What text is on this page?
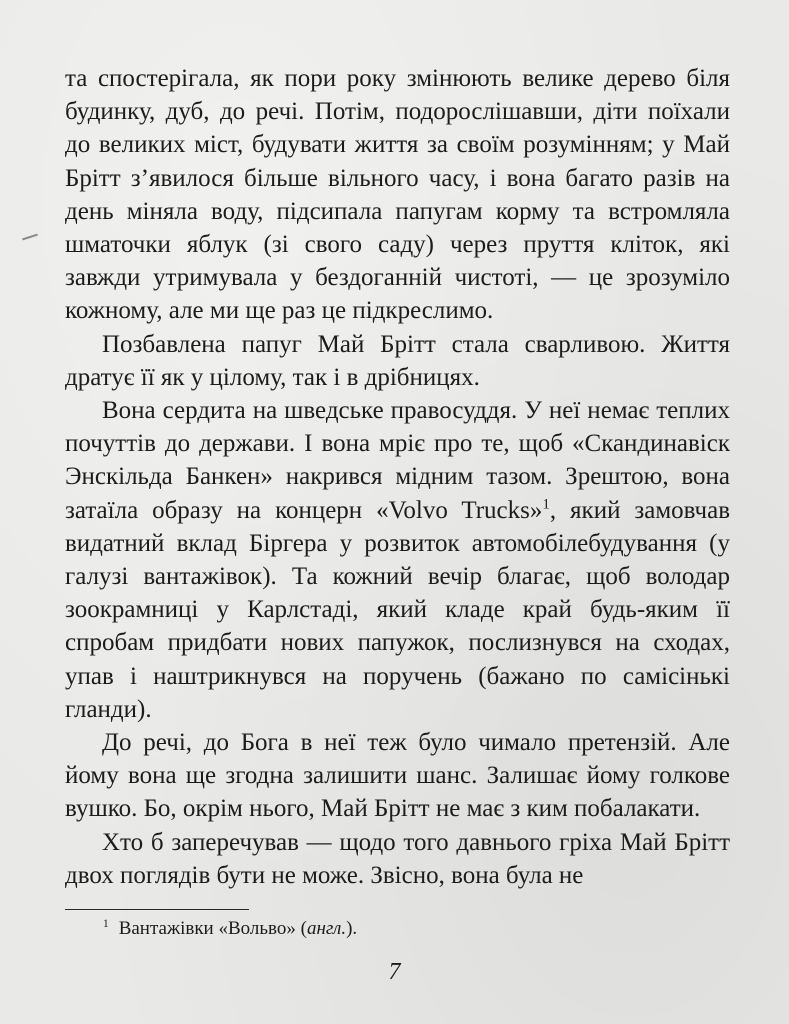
та спостерігала, як пори року змінюють велике дерево біля будинку, дуб, до речі. Потім, подорослішавши, діти поїхали до великих міст, будувати життя за своїм розумінням; у Май Брітт з’явилося більше вільного часу, і вона багато разів на день міняла воду, підсипала папугам корму та встромляла шматочки яблук (зі свого саду) через пруття кліток, які завжди утримувала у бездоганній чистоті, — це зрозуміло кожному, але ми ще раз це підкреслимо.

Позбавлена папуг Май Брітт стала сварливою. Життя дратує її як у цілому, так і в дрібницях.

Вона сердита на шведське правосуддя. У неї немає теплих почуттів до держави. І вона мріє про те, щоб «Скандинавіск Энскільда Банкен» накрився мідним тазом. Зрештою, вона затаїла образу на концерн «Volvo Trucks»$^1$, який замовчав видатний вклад Біргера у розвиток автомобілебудування (у галузі вантажівок). Та кожний вечір благає, щоб володар зоокрамниці у Карлстаді, який кладе край будь-яким її спробам придбати нових папужок, послизнувся на сходах, упав і наштрикнувся на поручень (бажано по самісінькі гланди).

До речі, до Бога в неї теж було чимало претензій. Але йому вона ще згодна залишити шанс. Залишає йому голкове вушко. Бо, окрім нього, Май Брітт не має з ким побалакати.

Хто б заперечував — щодо того давнього гріха Май Брітт двох поглядів бути не може. Звісно, вона була не

$^1$ Вантажівки «Вольво» (англ.).
7
